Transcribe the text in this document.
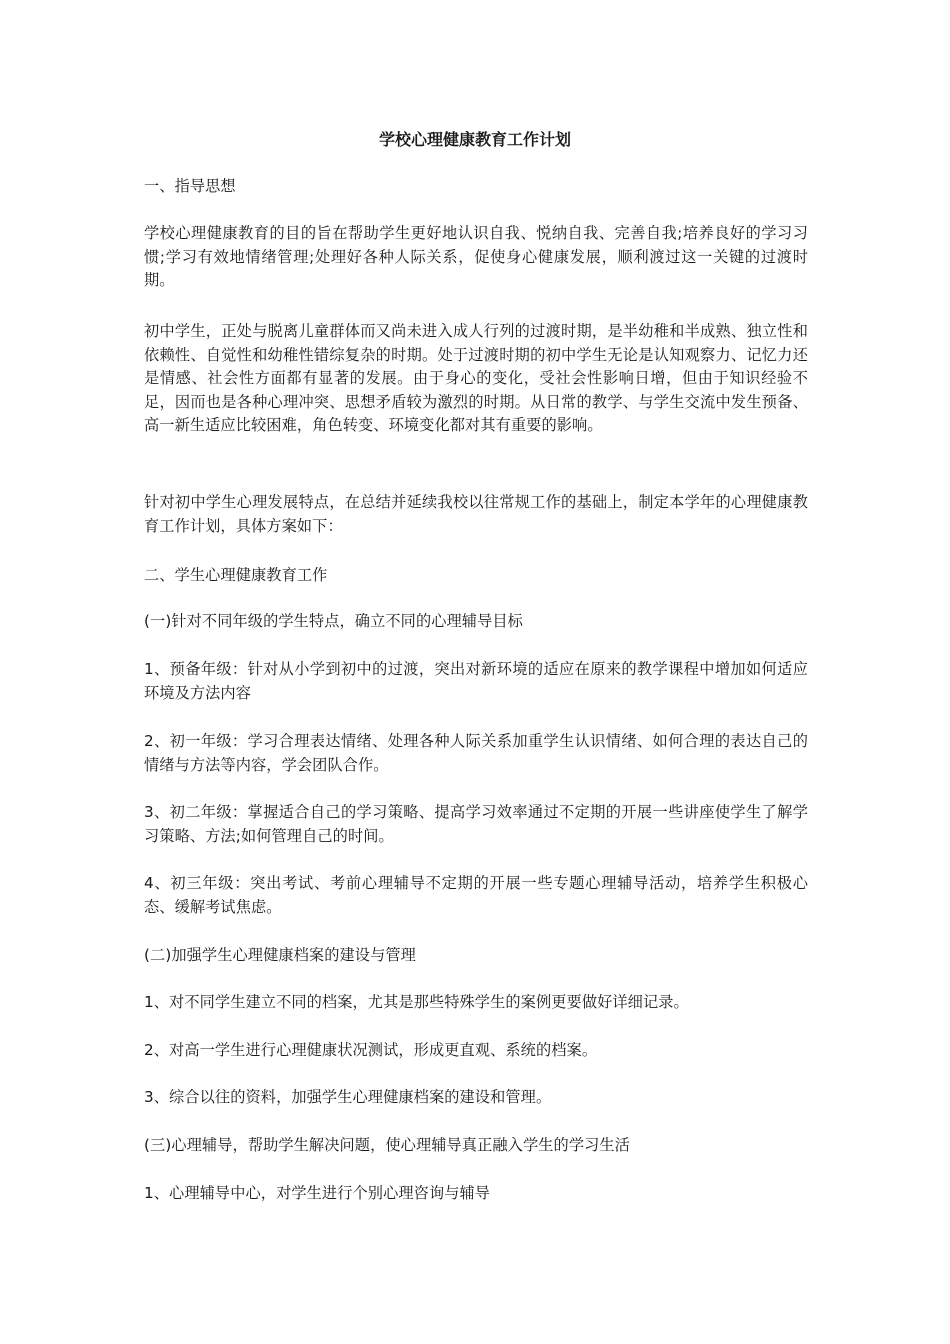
学校心理健康教育工作计划

一、指导思想

学校心理健康教育的目的旨在帮助学生更好地认识自我、悦纳自我、完善自我;培养良好的学习习惯;学习有效地情绪管理;处理好各种人际关系，促使身心健康发展，顺利渡过这一关键的过渡时期。

初中学生，正处与脱离儿童群体而又尚未进入成人行列的过渡时期，是半幼稚和半成熟、独立性和依赖性、自觉性和幼稚性错综复杂的时期。处于过渡时期的初中学生无论是认知观察力、记忆力还是情感、社会性方面都有显著的发展。由于身心的变化，受社会性影响日增，但由于知识经验不足，因而也是各种心理冲突、思想矛盾较为激烈的时期。从日常的教学、与学生交流中发生预备、高一新生适应比较困难，角色转变、环境变化都对其有重要的影响。

针对初中学生心理发展特点，在总结并延续我校以往常规工作的基础上，制定本学年的心理健康教育工作计划，具体方案如下：

二、学生心理健康教育工作

(一)针对不同年级的学生特点，确立不同的心理辅导目标

1、预备年级：针对从小学到初中的过渡，突出对新环境的适应在原来的教学课程中增加如何适应环境及方法内容

2、初一年级：学习合理表达情绪、处理各种人际关系加重学生认识情绪、如何合理的表达自己的情绪与方法等内容，学会团队合作。

3、初二年级：掌握适合自己的学习策略、提高学习效率通过不定期的开展一些讲座使学生了解学习策略、方法;如何管理自己的时间。

4、初三年级：突出考试、考前心理辅导不定期的开展一些专题心理辅导活动，培养学生积极心态、缓解考试焦虑。

(二)加强学生心理健康档案的建设与管理

1、对不同学生建立不同的档案，尤其是那些特殊学生的案例更要做好详细记录。

2、对高一学生进行心理健康状况测试，形成更直观、系统的档案。

3、综合以往的资料，加强学生心理健康档案的建设和管理。

(三)心理辅导，帮助学生解决问题，使心理辅导真正融入学生的学习生活

1、心理辅导中心，对学生进行个别心理咨询与辅导
